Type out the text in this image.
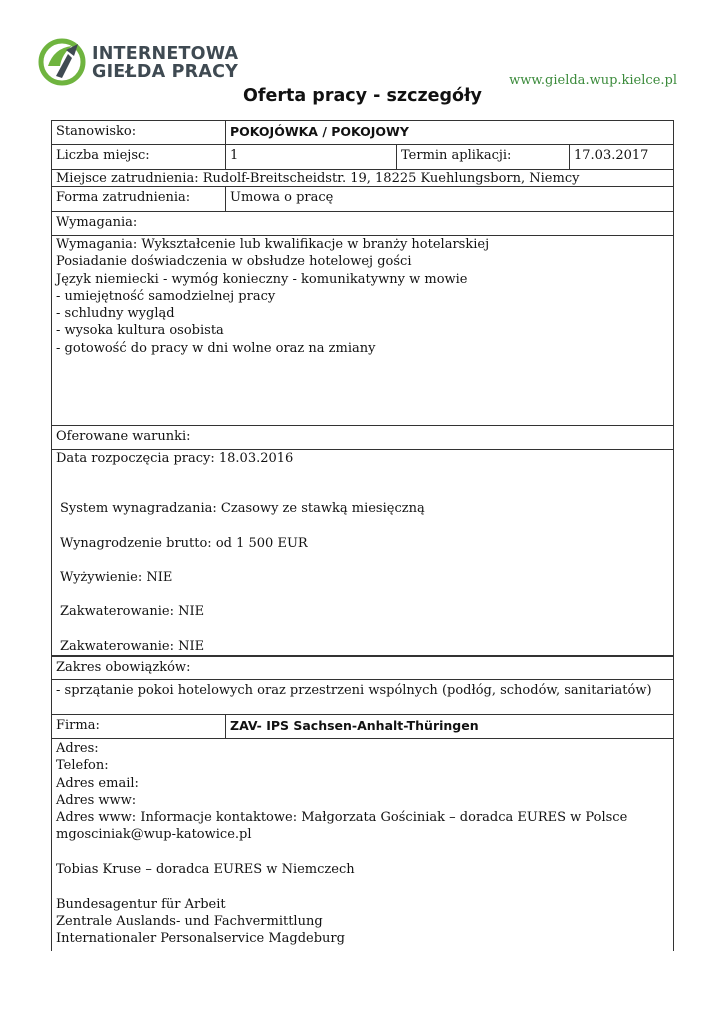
INTERNETOWA
GIEŁDA PRACY	www.gielda.wup.kielce.pl
Oferta pracy - szczegóły
Stanowisko:	POKOJÓWKA / POKOJOWY
Liczba miejsc:	1	Termin aplikacji:	17.03.2017
Miejsce zatrudnienia: Rudolf-Breitscheidstr. 19, 18225 Kuehlungsborn, Niemcy
Forma zatrudnienia:	Umowa o pracę
Wymagania:
Wymagania: Wykształcenie lub kwalifikacje w branży hotelarskiej
Posiadanie doświadczenia w obsłudze hotelowej gości
Język niemiecki - wymóg konieczny - komunikatywny w mowie
- umiejętność samodzielnej pracy
- schludny wygląd
- wysoka kultura osobista
- gotowość do pracy w dni wolne oraz na zmiany
Oferowane warunki:
Data rozpoczęcia pracy: 18.03.2016
System wynagradzania: Czasowy ze stawką miesięczną
Wynagrodzenie brutto: od 1 500 EUR
Wyżywienie: NIE
Zakwaterowanie: NIE
Zakwaterowanie: NIE
Zakres obowiązków:
- sprzątanie pokoi hotelowych oraz przestrzeni wspólnych (podłóg, schodów, sanitariatów)
Firma:	ZAV- IPS Sachsen-Anhalt-Thüringen
Adres:
Telefon:
Adres email:
Adres www:
Adres www: Informacje kontaktowe: Małgorzata Gościniak – doradca EURES w Polsce
mgosciniak@wup-katowice.pl
Tobias Kruse – doradca EURES w Niemczech
Bundesagentur für Arbeit
Zentrale Auslands- und Fachvermittlung
Internationaler Personalservice Magdeburg
